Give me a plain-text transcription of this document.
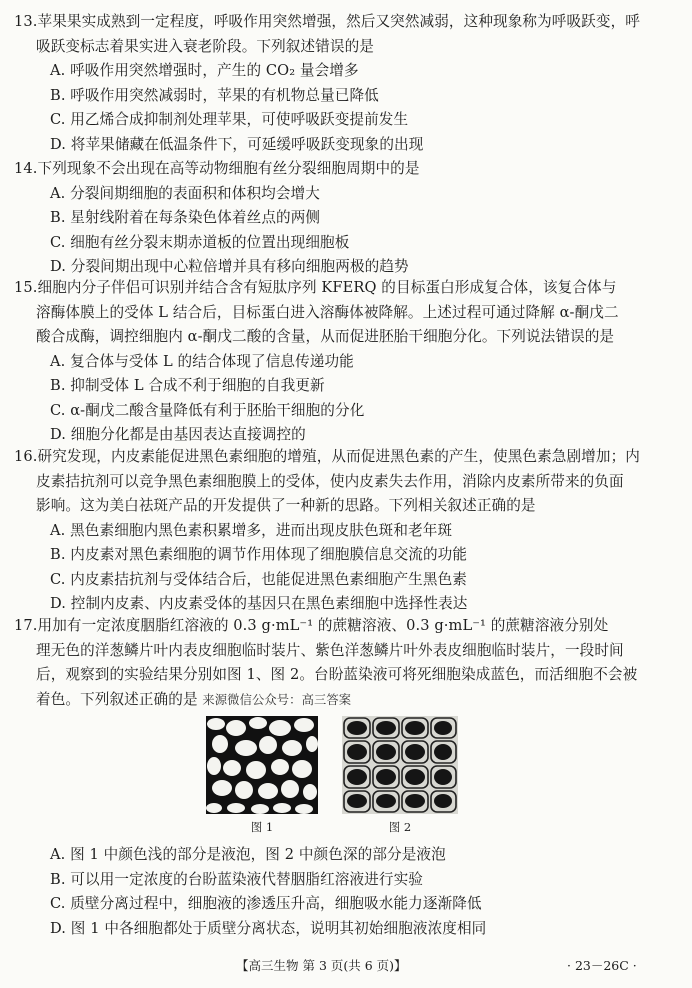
13.苹果果实成熟到一定程度，呼吸作用突然增强，然后又突然减弱，这种现象称为呼吸跃变，呼
吸跃变标志着果实进入衰老阶段。下列叙述错误的是
A. 呼吸作用突然增强时，产生的 CO₂ 量会增多
B. 呼吸作用突然减弱时，苹果的有机物总量已降低
C. 用乙烯合成抑制剂处理苹果，可使呼吸跃变提前发生
D. 将苹果储藏在低温条件下，可延缓呼吸跃变现象的出现
14.下列现象不会出现在高等动物细胞有丝分裂细胞周期中的是
A. 分裂间期细胞的表面积和体积均会增大
B. 星射线附着在每条染色体着丝点的两侧
C. 细胞有丝分裂末期赤道板的位置出现细胞板
D. 分裂间期出现中心粒倍增并具有移向细胞两极的趋势
15.细胞内分子伴侣可识别并结合含有短肽序列 KFERQ 的目标蛋白形成复合体，该复合体与
溶酶体膜上的受体 L 结合后，目标蛋白进入溶酶体被降解。上述过程可通过降解 α-酮戊二
酸合成酶，调控细胞内 α-酮戊二酸的含量，从而促进胚胎干细胞分化。下列说法错误的是
A. 复合体与受体 L 的结合体现了信息传递功能
B. 抑制受体 L 合成不利于细胞的自我更新
C. α-酮戊二酸含量降低有利于胚胎干细胞的分化
D. 细胞分化都是由基因表达直接调控的
16.研究发现，内皮素能促进黑色素细胞的增殖，从而促进黑色素的产生，使黑色素急剧增加；内
皮素拮抗剂可以竞争黑色素细胞膜上的受体，使内皮素失去作用，消除内皮素所带来的负面
影响。这为美白祛斑产品的开发提供了一种新的思路。下列相关叙述正确的是
A. 黑色素细胞内黑色素积累增多，进而出现皮肤色斑和老年斑
B. 内皮素对黑色素细胞的调节作用体现了细胞膜信息交流的功能
C. 内皮素拮抗剂与受体结合后，也能促进黑色素细胞产生黑色素
D. 控制内皮素、内皮素受体的基因只在黑色素细胞中选择性表达
17.用加有一定浓度胭脂红溶液的 0.3 g·mL⁻¹ 的蔗糖溶液、0.3 g·mL⁻¹ 的蔗糖溶液分别处
理无色的洋葱鳞片叶内表皮细胞临时装片、紫色洋葱鳞片叶外表皮细胞临时装片，一段时间
后，观察到的实验结果分别如图 1、图 2。台盼蓝染液可将死细胞染成蓝色，而活细胞不会被
着色。下列叙述正确的是 来源微信公众号：高三答案
图 1	图 2
A. 图 1 中颜色浅的部分是液泡，图 2 中颜色深的部分是液泡
B. 可以用一定浓度的台盼蓝染液代替胭脂红溶液进行实验
C. 质壁分离过程中，细胞液的渗透压升高，细胞吸水能力逐渐降低
D. 图 1 中各细胞都处于质壁分离状态，说明其初始细胞液浓度相同
【高三生物 第 3 页(共 6 页)】	· 23－26C ·
